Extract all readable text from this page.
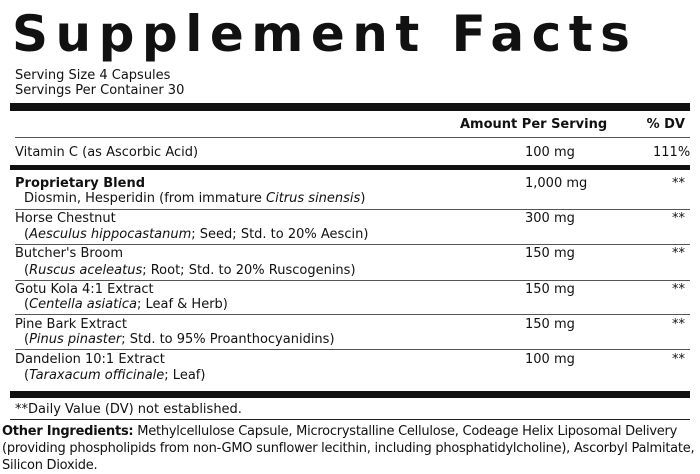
Supplement Facts
Serving Size 4 Capsules
Servings Per Container 30
Amount Per Serving	% DV
Vitamin C (as Ascorbic Acid)	100 mg	111%
Proprietary Blend	1,000 mg	**
Diosmin, Hesperidin (from immature Citrus sinensis)
Horse Chestnut	300 mg	**
(Aesculus hippocastanum; Seed; Std. to 20% Aescin)
Butcher's Broom	150 mg	**
(Ruscus aceleatus; Root; Std. to 20% Ruscogenins)
Gotu Kola 4:1 Extract	150 mg	**
(Centella asiatica; Leaf & Herb)
Pine Bark Extract	150 mg	**
(Pinus pinaster; Std. to 95% Proanthocyanidins)
Dandelion 10:1 Extract	100 mg	**
(Taraxacum officinale; Leaf)
**Daily Value (DV) not established.
Other Ingredients: Methylcellulose Capsule, Microcrystalline Cellulose, Codeage Helix Liposomal Delivery (providing phospholipids from non-GMO sunflower lecithin, including phosphatidylcholine), Ascorbyl Palmitate, Silicon Dioxide.
